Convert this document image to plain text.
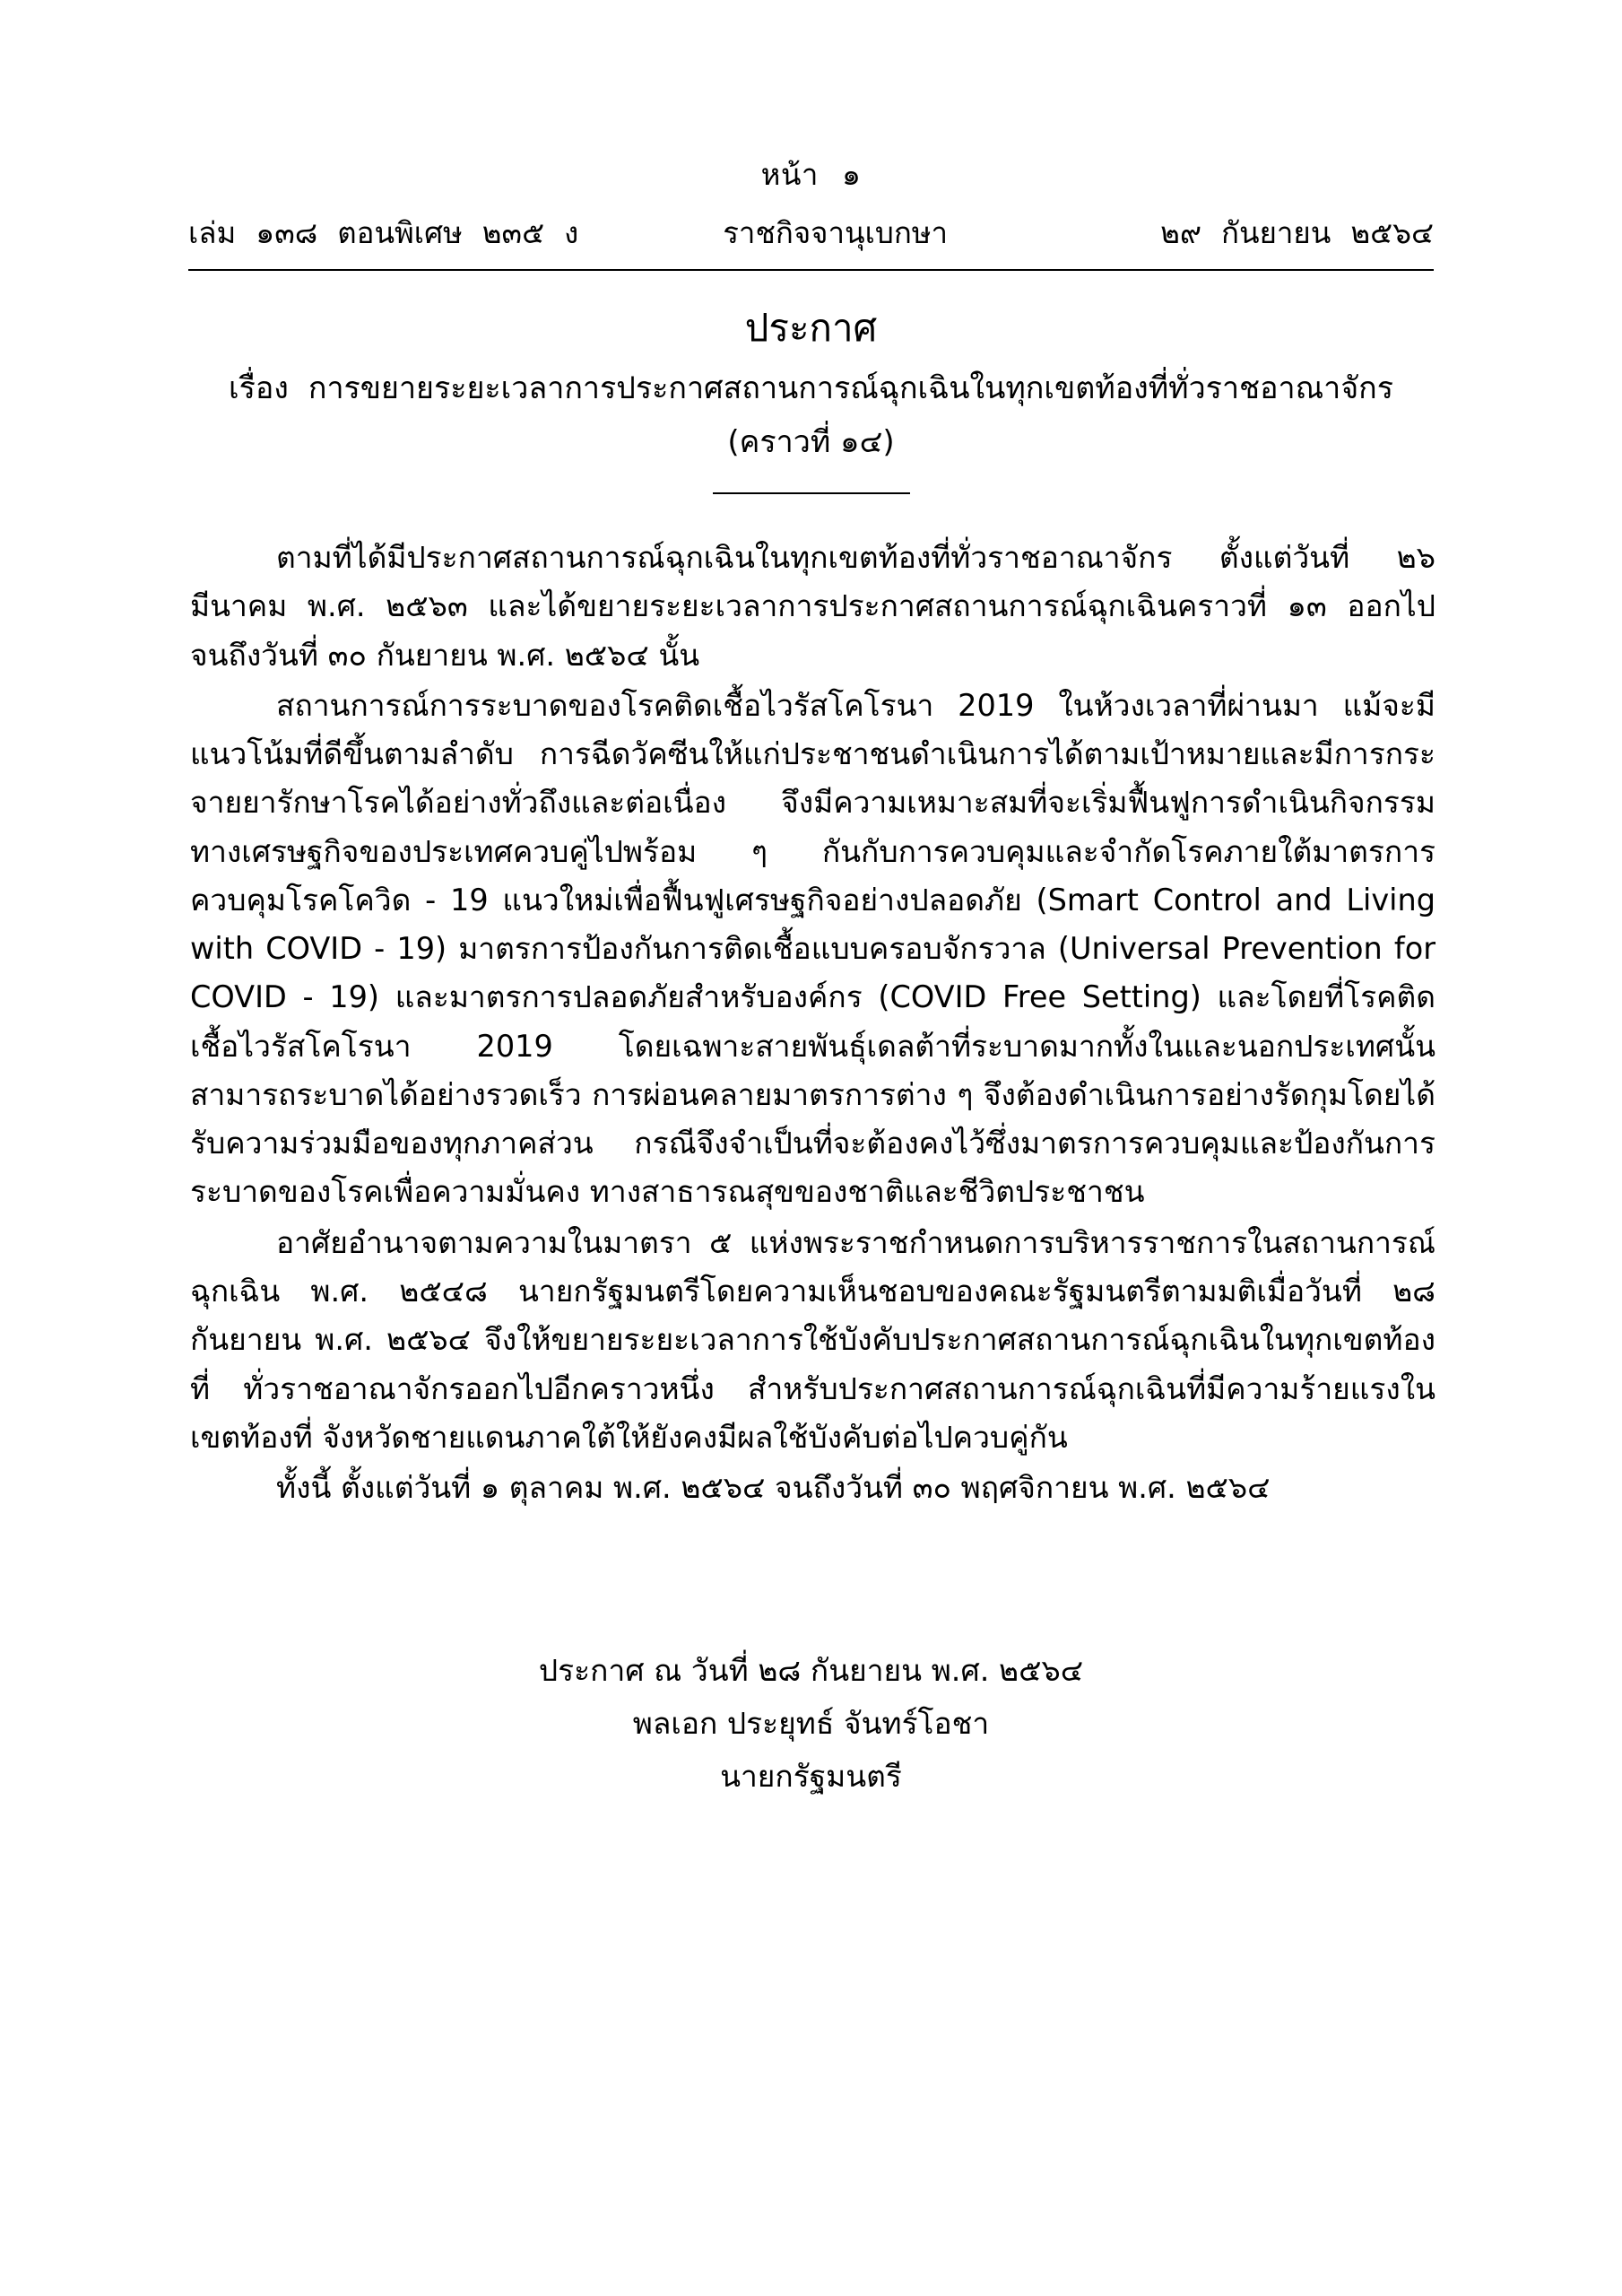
หน้า ๑
เล่ม ๑๓๘ ตอนพิเศษ ๒๓๕ ง	ราชกิจจานุเบกษา	๒๙ กันยายน ๒๕๖๔
ประกาศ
เรื่อง การขยายระยะเวลาการประกาศสถานการณ์ฉุกเฉินในทุกเขตท้องที่ทั่วราชอาณาจักร
(คราวที่ ๑๔)

ตามที่ได้มีประกาศสถานการณ์ฉุกเฉินในทุกเขตท้องที่ทั่วราชอาณาจักร ตั้งแต่วันที่ ๒๖ มีนาคม พ.ศ. ๒๕๖๓ และได้ขยายระยะเวลาการประกาศสถานการณ์ฉุกเฉินคราวที่ ๑๓ ออกไป จนถึงวันที่ ๓๐ กันยายน พ.ศ. ๒๕๖๔ นั้น

สถานการณ์การระบาดของโรคติดเชื้อไวรัสโคโรนา 2019 ในห้วงเวลาที่ผ่านมา แม้จะมีแนวโน้มที่ดีขึ้นตามลำดับ การฉีดวัคซีนให้แก่ประชาชนดำเนินการได้ตามเป้าหมายและมีการกระจายยารักษาโรคได้อย่างทั่วถึงและต่อเนื่อง จึงมีความเหมาะสมที่จะเริ่มฟื้นฟูการดำเนินกิจกรรมทางเศรษฐกิจของประเทศควบคู่ไปพร้อม ๆ กันกับการควบคุมและจำกัดโรคภายใต้มาตรการควบคุมโรคโควิด - 19 แนวใหม่เพื่อฟื้นฟูเศรษฐกิจอย่างปลอดภัย (Smart Control and Living with COVID - 19) มาตรการป้องกันการติดเชื้อแบบครอบจักรวาล (Universal Prevention for COVID - 19) และมาตรการปลอดภัยสำหรับองค์กร (COVID Free Setting) และโดยที่โรคติดเชื้อไวรัสโคโรนา 2019 โดยเฉพาะสายพันธุ์เดลต้าที่ระบาดมากทั้งในและนอกประเทศนั้น สามารถระบาดได้อย่างรวดเร็ว การผ่อนคลายมาตรการต่าง ๆ จึงต้องดำเนินการอย่างรัดกุมโดยได้รับความร่วมมือของทุกภาคส่วน กรณีจึงจำเป็นที่จะต้องคงไว้ซึ่งมาตรการควบคุมและป้องกันการระบาดของโรคเพื่อความมั่นคง ทางสาธารณสุขของชาติและชีวิตประชาชน

อาศัยอำนาจตามความในมาตรา ๕ แห่งพระราชกำหนดการบริหารราชการในสถานการณ์ฉุกเฉิน พ.ศ. ๒๕๔๘ นายกรัฐมนตรีโดยความเห็นชอบของคณะรัฐมนตรีตามมติเมื่อวันที่ ๒๘ กันยายน พ.ศ. ๒๕๖๔ จึงให้ขยายระยะเวลาการใช้บังคับประกาศสถานการณ์ฉุกเฉินในทุกเขตท้องที่ ทั่วราชอาณาจักรออกไปอีกคราวหนึ่ง สำหรับประกาศสถานการณ์ฉุกเฉินที่มีความร้ายแรงในเขตท้องที่ จังหวัดชายแดนภาคใต้ให้ยังคงมีผลใช้บังคับต่อไปควบคู่กัน

ทั้งนี้ ตั้งแต่วันที่ ๑ ตุลาคม พ.ศ. ๒๕๖๔ จนถึงวันที่ ๓๐ พฤศจิกายน พ.ศ. ๒๕๖๔

ประกาศ ณ วันที่ ๒๘ กันยายน พ.ศ. ๒๕๖๔
พลเอก ประยุทธ์ จันทร์โอชา
นายกรัฐมนตรี
